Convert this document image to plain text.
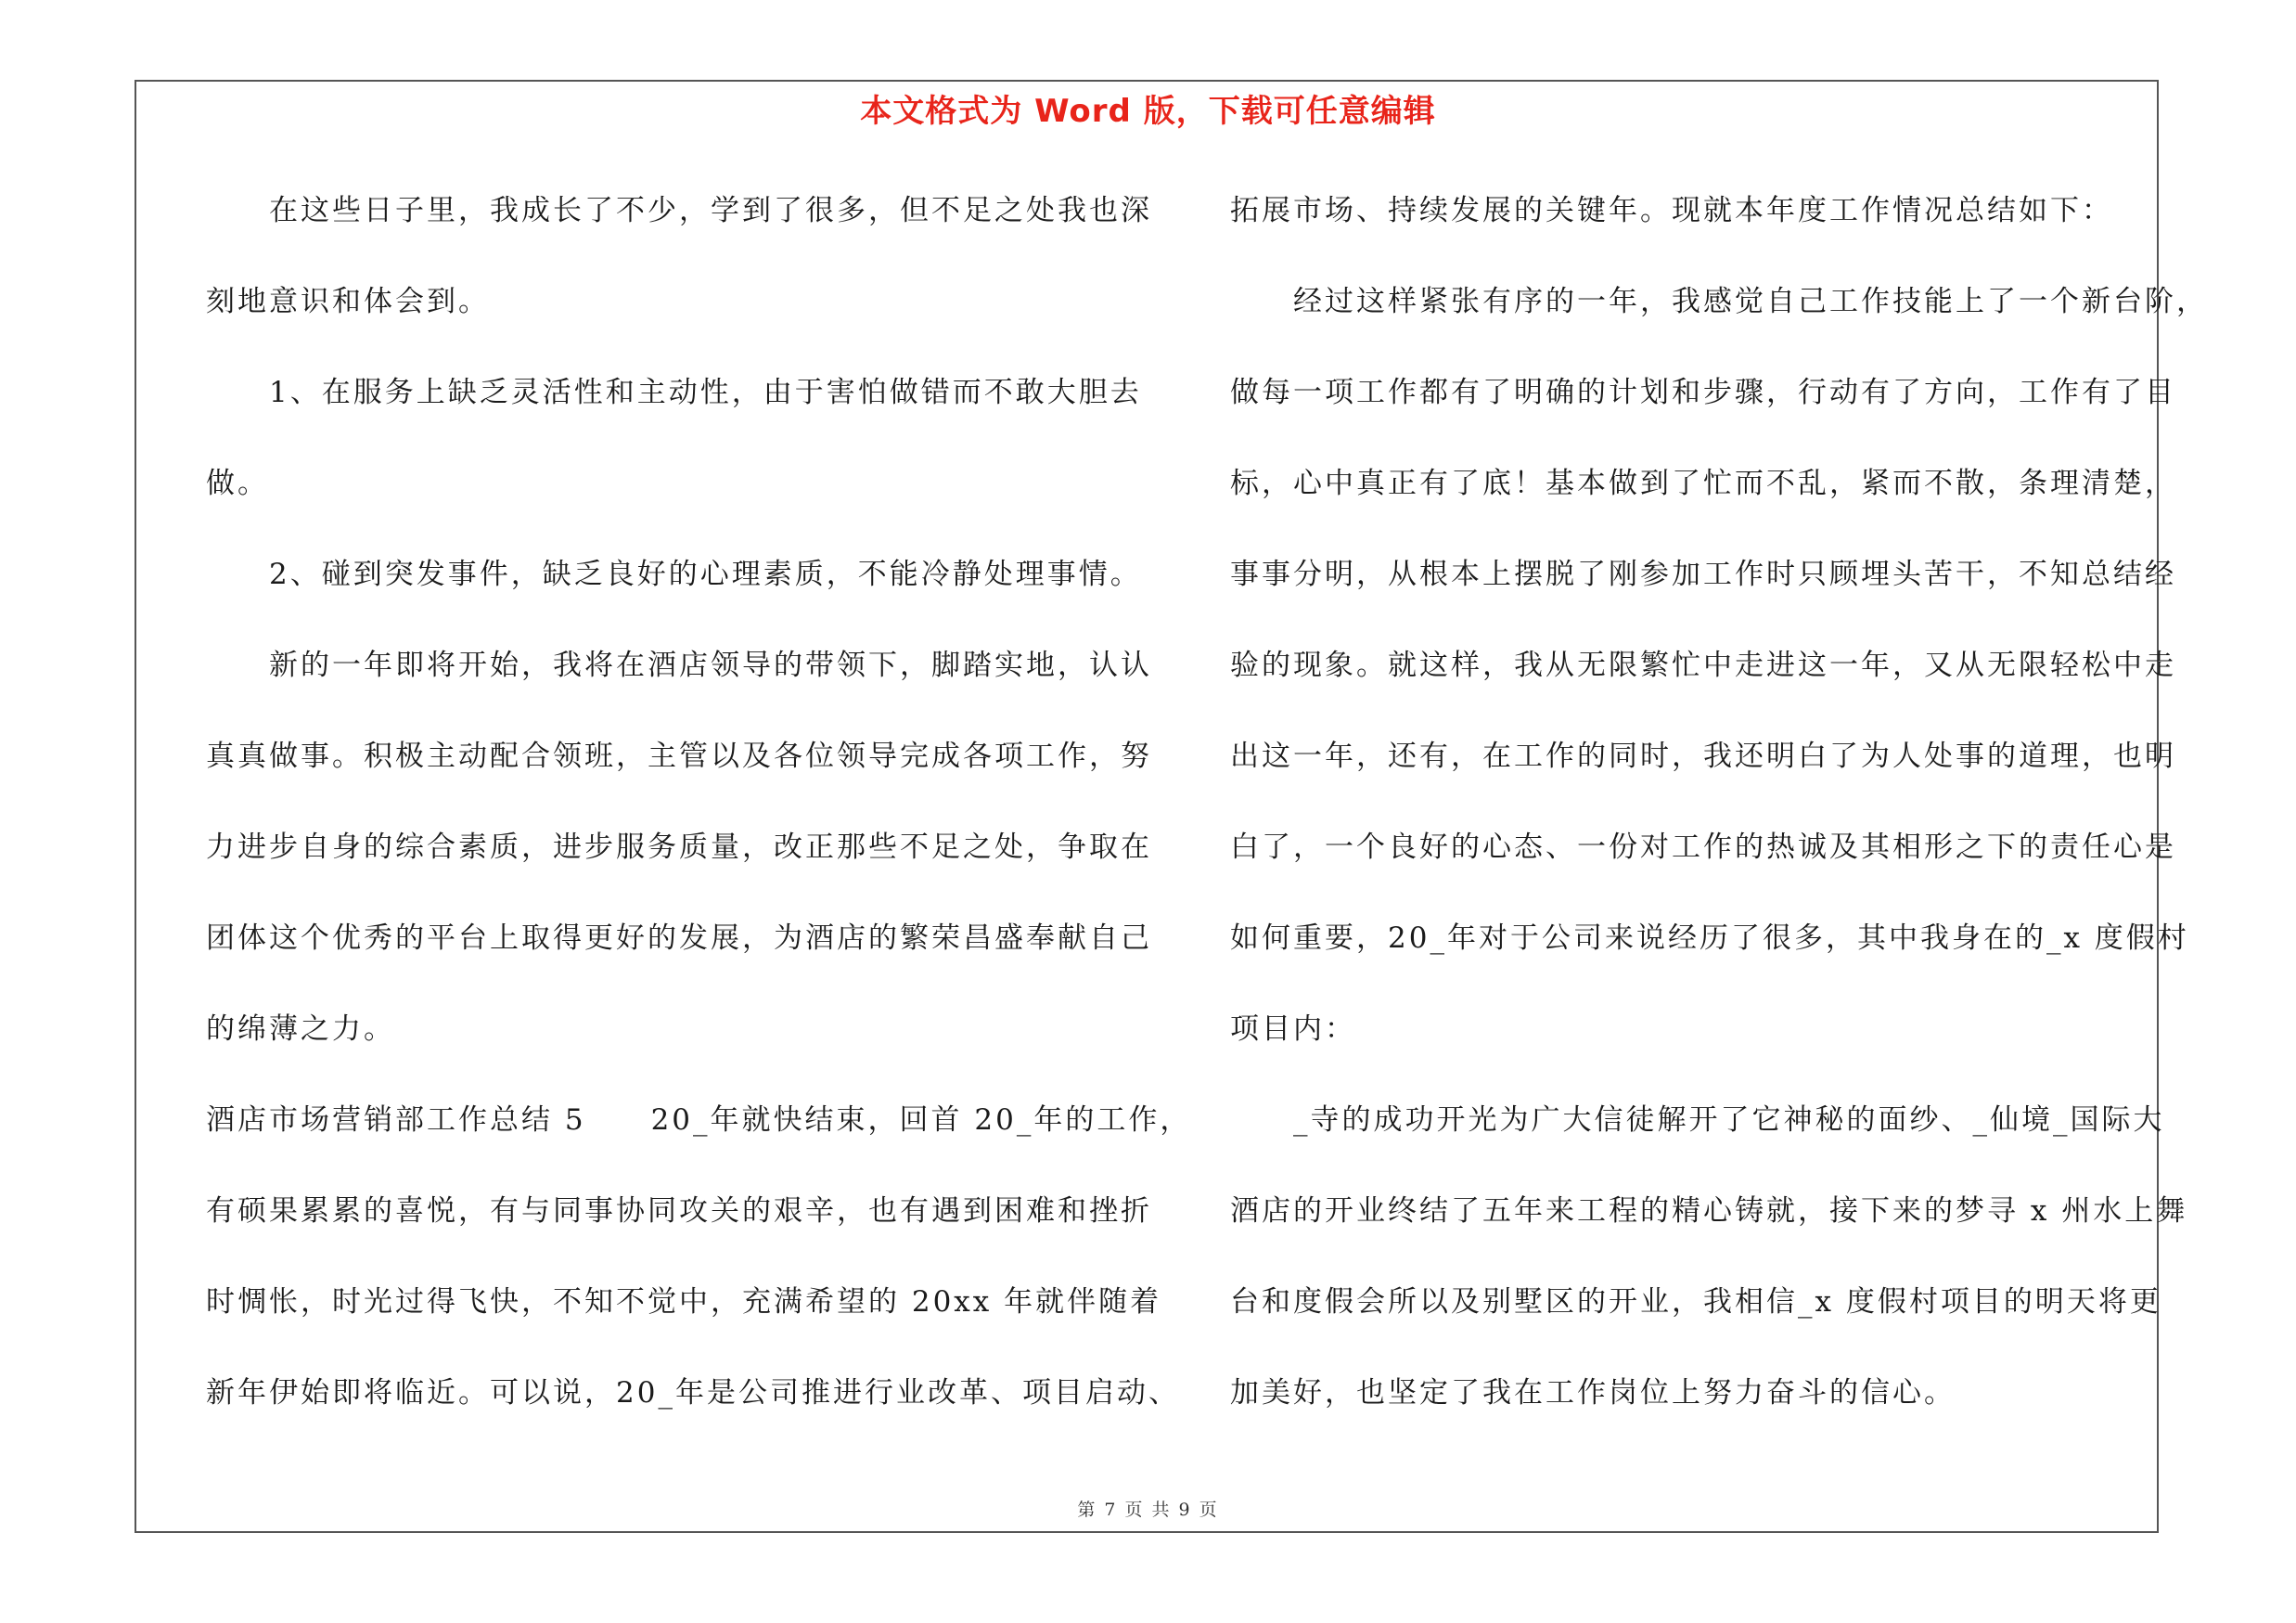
本文格式为 Word 版，下载可任意编辑
　　在这些日子里，我成长了不少，学到了很多，但不足之处我也深
刻地意识和体会到。
　　1、在服务上缺乏灵活性和主动性，由于害怕做错而不敢大胆去
做。
　　2、碰到突发事件，缺乏良好的心理素质，不能冷静处理事情。
　　新的一年即将开始，我将在酒店领导的带领下，脚踏实地，认认
真真做事。积极主动配合领班，主管以及各位领导完成各项工作，努
力进步自身的综合素质，进步服务质量，改正那些不足之处，争取在
团体这个优秀的平台上取得更好的发展，为酒店的繁荣昌盛奉献自己
的绵薄之力。
酒店市场营销部工作总结 5 20_年就快结束，回首 20_年的工作，
有硕果累累的喜悦，有与同事协同攻关的艰辛，也有遇到困难和挫折
时惆怅，时光过得飞快，不知不觉中，充满希望的 20xx 年就伴随着
新年伊始即将临近。可以说，20_年是公司推进行业改革、项目启动、
拓展市场、持续发展的关键年。现就本年度工作情况总结如下：
　　经过这样紧张有序的一年，我感觉自己工作技能上了一个新台阶，
做每一项工作都有了明确的计划和步骤，行动有了方向，工作有了目
标，心中真正有了底！基本做到了忙而不乱，紧而不散，条理清楚，
事事分明，从根本上摆脱了刚参加工作时只顾埋头苦干，不知总结经
验的现象。就这样，我从无限繁忙中走进这一年，又从无限轻松中走
出这一年，还有，在工作的同时，我还明白了为人处事的道理，也明
白了，一个良好的心态、一份对工作的热诚及其相形之下的责任心是
如何重要，20_年对于公司来说经历了很多，其中我身在的_x 度假村
项目内：
　　_寺的成功开光为广大信徒解开了它神秘的面纱、_仙境_国际大
酒店的开业终结了五年来工程的精心铸就，接下来的梦寻 x 州水上舞
台和度假会所以及别墅区的开业，我相信_x 度假村项目的明天将更
加美好，也坚定了我在工作岗位上努力奋斗的信心。
第 7 页 共 9 页
